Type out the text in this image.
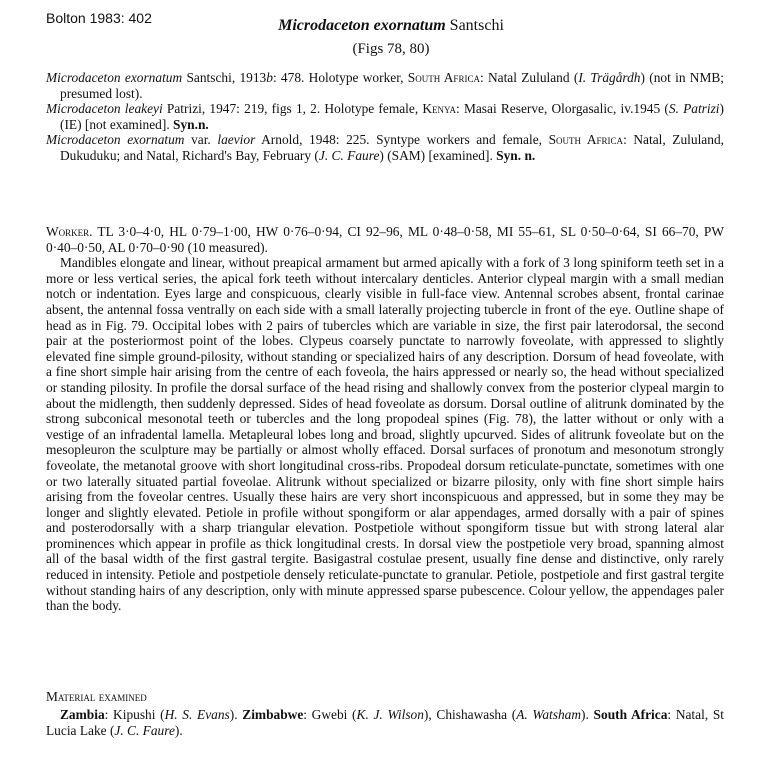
Bolton 1983: 402	Microdaceton exornatum Santschi
(Figs 78, 80)

Microdaceton exornatum Santschi, 1913b: 478. Holotype worker, South Africa: Natal Zululand (I. Trägårdh) (not in NMB; presumed lost).

Microdaceton leakeyi Patrizi, 1947: 219, figs 1, 2. Holotype female, Kenya: Masai Reserve, Olorgasalic, iv.1945 (S. Patrizi) (IE) [not examined]. Syn.n.

Microdaceton exornatum var. laevior Arnold, 1948: 225. Syntype workers and female, South Africa: Natal, Zululand, Dukuduku; and Natal, Richard's Bay, February (J. C. Faure) (SAM) [examined]. Syn. n.

Worker. TL 3·0–4·0, HL 0·79–1·00, HW 0·76–0·94, CI 92–96, ML 0·48–0·58, MI 55–61, SL 0·50–0·64, SI 66–70, PW 0·40–0·50, AL 0·70–0·90 (10 measured).

Mandibles elongate and linear, without preapical armament but armed apically with a fork of 3 long spiniform teeth set in a more or less vertical series, the apical fork teeth without intercalary denticles. Anterior clypeal margin with a small median notch or indentation. Eyes large and conspicuous, clearly visible in full-face view. Antennal scrobes absent, frontal carinae absent, the antennal fossa ventrally on each side with a small laterally projecting tubercle in front of the eye. Outline shape of head as in Fig. 79. Occipital lobes with 2 pairs of tubercles which are variable in size, the first pair laterodorsal, the second pair at the posteriormost point of the lobes. Clypeus coarsely punctate to narrowly foveolate, with appressed to slightly elevated fine simple ground-pilosity, without standing or specialized hairs of any description. Dorsum of head foveolate, with a fine short simple hair arising from the centre of each foveola, the hairs appressed or nearly so, the head without specialized or standing pilosity. In profile the dorsal surface of the head rising and shallowly convex from the posterior clypeal margin to about the midlength, then suddenly depressed. Sides of head foveolate as dorsum. Dorsal outline of alitrunk dominated by the strong subconical mesonotal teeth or tubercles and the long propodeal spines (Fig. 78), the latter without or only with a vestige of an infradental lamella. Metapleural lobes long and broad, slightly upcurved. Sides of alitrunk foveolate but on the mesopleuron the sculpture may be partially or almost wholly effaced. Dorsal surfaces of pronotum and mesonotum strongly foveolate, the metanotal groove with short longitudinal cross-ribs. Propodeal dorsum reticulate-punctate, sometimes with one or two laterally situated partial foveolae. Alitrunk without specialized or bizarre pilosity, only with fine short simple hairs arising from the foveolar centres. Usually these hairs are very short inconspicuous and appressed, but in some they may be longer and slightly elevated. Petiole in profile without spongiform or alar appendages, armed dorsally with a pair of spines and posterodorsally with a sharp triangular elevation. Postpetiole without spongiform tissue but with strong lateral alar prominences which appear in profile as thick longitudinal crests. In dorsal view the postpetiole very broad, spanning almost all of the basal width of the first gastral tergite. Basigastral costulae present, usually fine dense and distinctive, only rarely reduced in intensity. Petiole and postpetiole densely reticulate-punctate to granular. Petiole, postpetiole and first gastral tergite without standing hairs of any description, only with minute appressed sparse pubescence. Colour yellow, the appendages paler than the body.

Material examined

Zambia: Kipushi (H. S. Evans). Zimbabwe: Gwebi (K. J. Wilson), Chishawasha (A. Watsham). South Africa: Natal, St Lucia Lake (J. C. Faure).
